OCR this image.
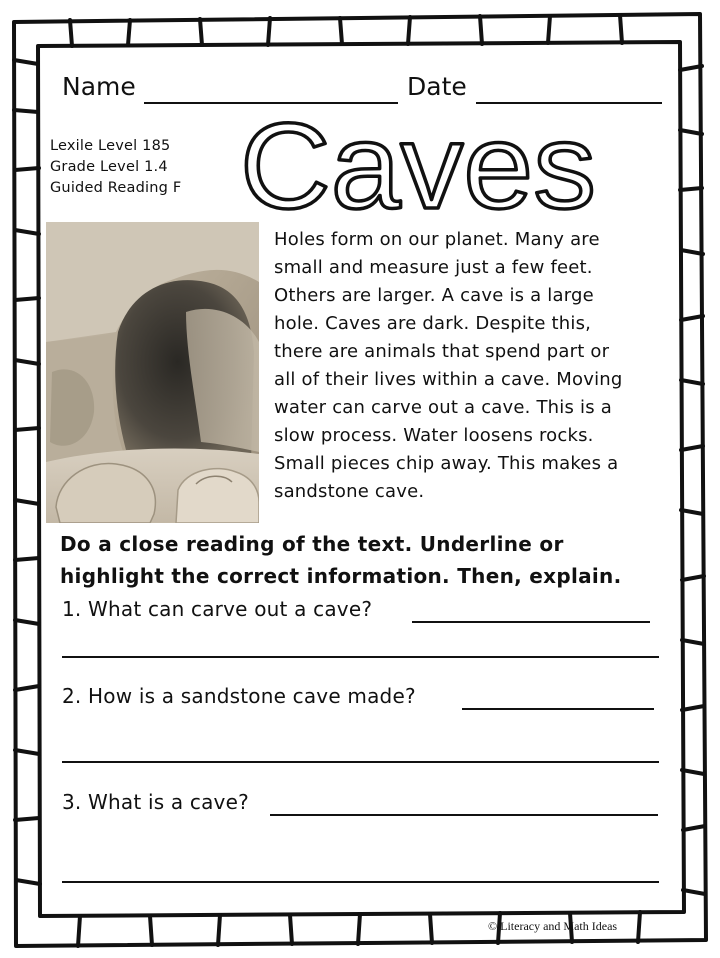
Name	Date
Lexile Level 185
Grade Level 1.4
Guided Reading F Caves
Holes form on our planet. Many are
small and measure just a few feet.
Others are larger. A cave is a large
hole. Caves are dark. Despite this,
there are animals that spend part or
all of their lives within a cave. Moving
water can carve out a cave. This is a
slow process. Water loosens rocks.
Small pieces chip away. This makes a
sandstone cave.
Do a close reading of the text. Underline or
highlight the correct information. Then, explain.
1. What can carve out a cave?
2. How is a sandstone cave made?
3. What is a cave?
© Literacy and Math Ideas
